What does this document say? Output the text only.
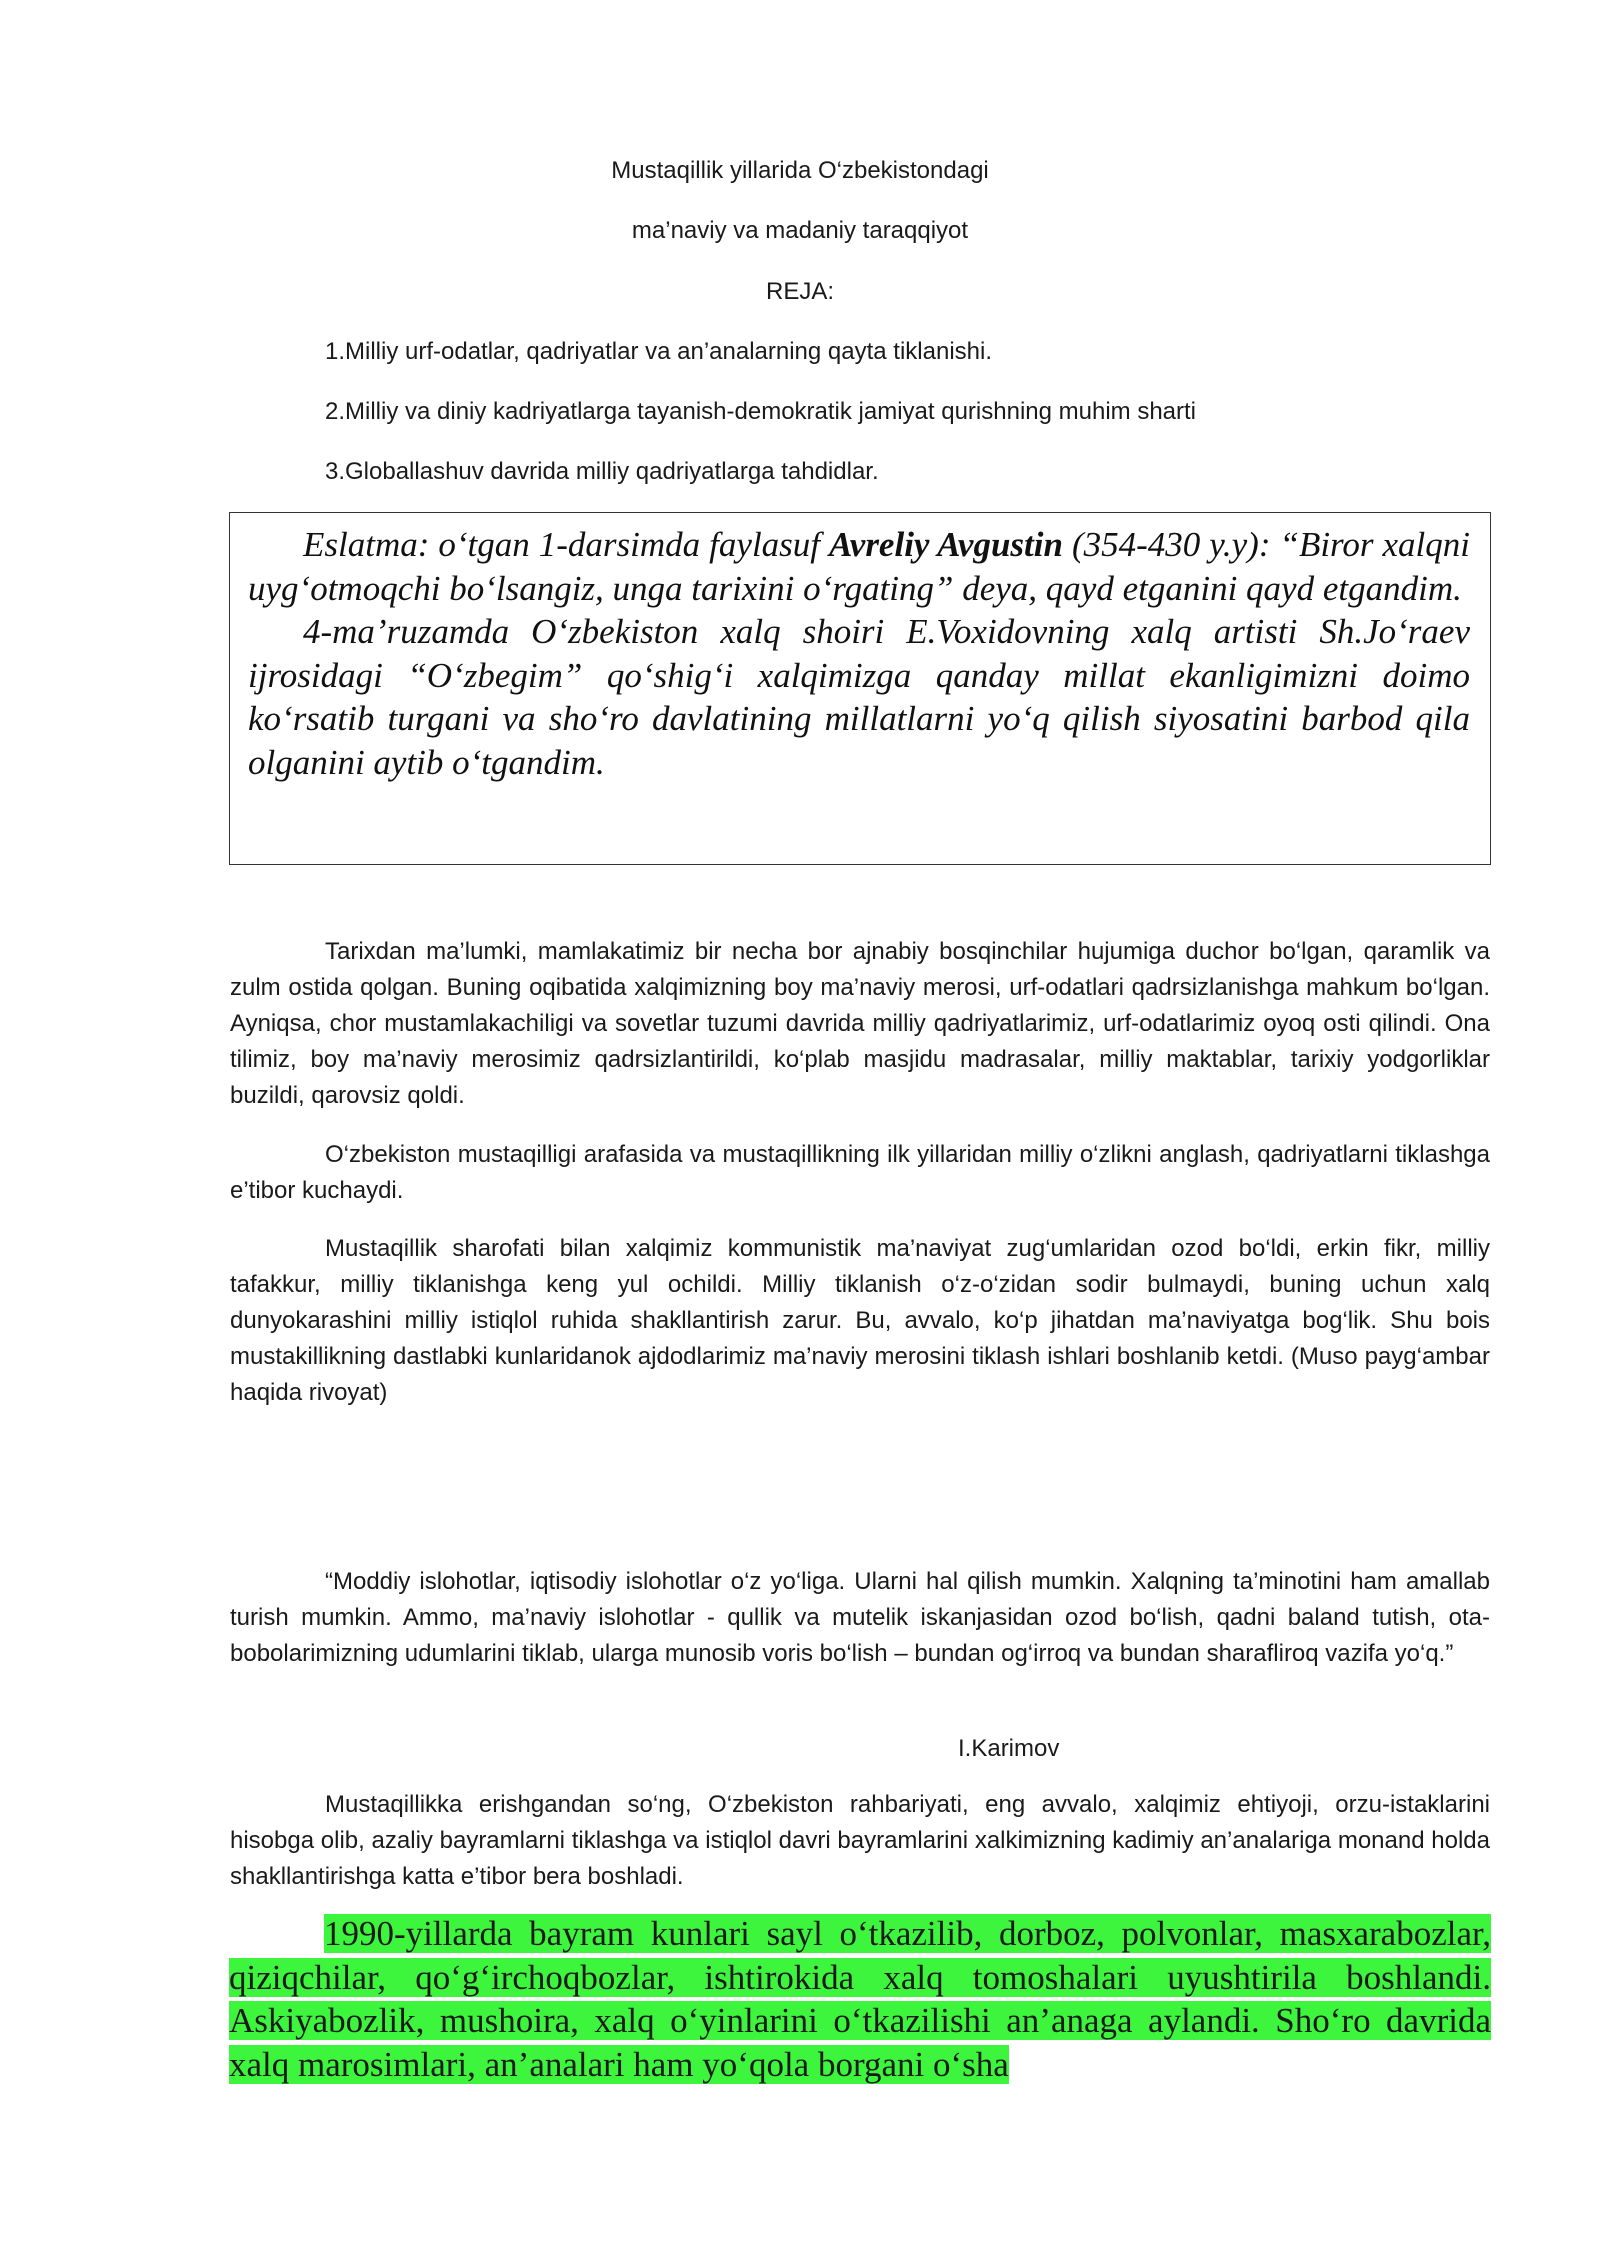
Mustaqillik yillarida O‘zbekistondagi
ma’naviy va madaniy taraqqiyot
REJA:
1.Milliy urf-odatlar, qadriyatlar va an’analarning qayta tiklanishi.
2.Milliy va diniy kadriyatlarga tayanish-demokratik jamiyat qurishning muhim sharti
3.Globallashuv davrida milliy qadriyatlarga tahdidlar.

Eslatma: o‘tgan 1-darsimda faylasuf Avreliy Avgustin (354-430 y.y): “Biror xalqni uyg‘otmoqchi bo‘lsangiz, unga tarixini o‘rgating” deya, qayd etganini qayd etgandim.

4-ma’ruzamda O‘zbekiston xalq shoiri E.Voxidovning xalq artisti Sh.Jo‘raev ijrosidagi “O‘zbegim” qo‘shig‘i xalqimizga qanday millat ekanligimizni doimo ko‘rsatib turgani va sho‘ro davlatining millatlarni yo‘q qilish siyosatini barbod qila olganini aytib o‘tgandim.

Tarixdan ma’lumki, mamlakatimiz bir necha bor ajnabiy bosqinchilar hujumiga duchor bo‘lgan, qaramlik va zulm ostida qolgan. Buning oqibatida xalqimizning boy ma’naviy merosi, urf-odatlari qadrsizlanishga mahkum bo‘lgan. Ayniqsa, chor mustamlakachiligi va sovetlar tuzumi davrida milliy qadriyatlarimiz, urf-odatlarimiz oyoq osti qilindi. Ona tilimiz, boy ma’naviy merosimiz qadrsizlantirildi, ko‘plab masjidu madrasalar, milliy maktablar, tarixiy yodgorliklar buzildi, qarovsiz qoldi.

O‘zbekiston mustaqilligi arafasida va mustaqillikning ilk yillaridan milliy o‘zlikni anglash, qadriyatlarni tiklashga e’tibor kuchaydi.

Mustaqillik sharofati bilan xalqimiz kommunistik ma’naviyat zug‘umlaridan ozod bo‘ldi, erkin fikr, milliy tafakkur, milliy tiklanishga keng yul ochildi. Milliy tiklanish o‘z-o‘zidan sodir bulmaydi, buning uchun xalq dunyokarashini milliy istiqlol ruhida shakllantirish zarur. Bu, avvalo, ko‘p jihatdan ma’naviyatga bog‘lik. Shu bois mustakillikning dastlabki kunlaridanok ajdodlarimiz ma’naviy merosini tiklash ishlari boshlanib ketdi. (Muso payg‘ambar haqida rivoyat)

“Moddiy islohotlar, iqtisodiy islohotlar o‘z yo‘liga. Ularni hal qilish mumkin. Xalqning ta’minotini ham amallab turish mumkin. Ammo, ma’naviy islohotlar - qullik va mutelik iskanjasidan ozod bo‘lish, qadni baland tutish, ota-bobolarimizning udumlarini tiklab, ularga munosib voris bo‘lish – bundan og‘irroq va bundan sharafliroq vazifa yo‘q.”

I.Karimov

Mustaqillikka erishgandan so‘ng, O‘zbekiston rahbariyati, eng avvalo, xalqimiz ehtiyoji, orzu-istaklarini hisobga olib, azaliy bayramlarni tiklashga va istiqlol davri bayramlarini xalkimizning kadimiy an’analariga monand holda shakllantirishga katta e’tibor bera boshladi.

1990-yillarda bayram kunlari sayl o‘tkazilib, dorboz, polvonlar, masxarabozlar, qiziqchilar, qo‘g‘irchoqbozlar, ishtirokida xalq tomoshalari uyushtirila boshlandi. Askiyabozlik, mushoira, xalq o‘yinlarini o‘tkazilishi an’anaga aylandi. Sho‘ro davrida xalq marosimlari, an’analari ham yo‘qola borgani o‘sha
